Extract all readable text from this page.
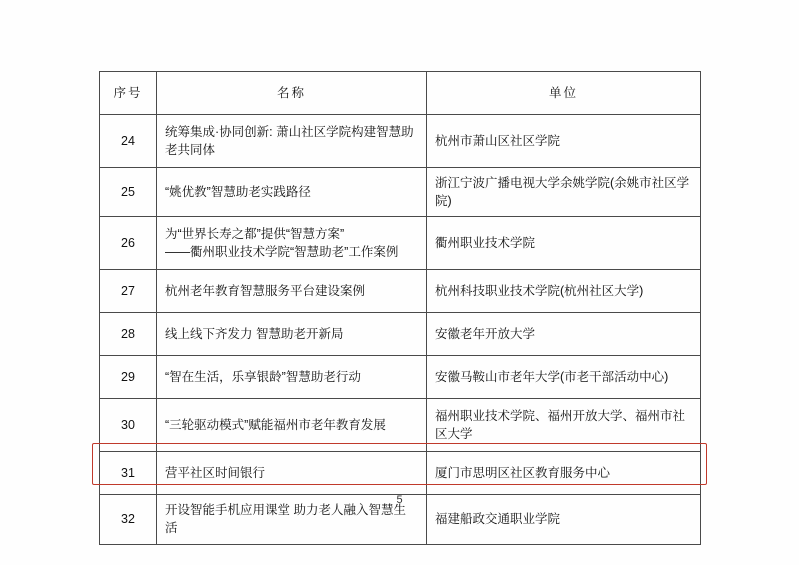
序号	名称	单位
24	统筹集成·协同创新: 萧山社区学院构建智慧助老共同体	杭州市萧山区社区学院
25	“姚优教”智慧助老实践路径	浙江宁波广播电视大学余姚学院(余姚市社区学院)
26	为“世界长寿之都”提供“智慧方案”
——衢州职业技术学院“智慧助老”工作案例	衢州职业技术学院
27	杭州老年教育智慧服务平台建设案例	杭州科技职业技术学院(杭州社区大学)
28	线上线下齐发力 智慧助老开新局	安徽老年开放大学
29	“智在生活，乐享银龄”智慧助老行动	安徽马鞍山市老年大学(市老干部活动中心)
30	“三轮驱动模式”赋能福州市老年教育发展	福州职业技术学院、福州开放大学、福州市社区大学
31	营平社区时间银行	厦门市思明区社区教育服务中心
32	开设智能手机应用课堂 助力老人融入智慧生活	福建船政交通职业学院
5
